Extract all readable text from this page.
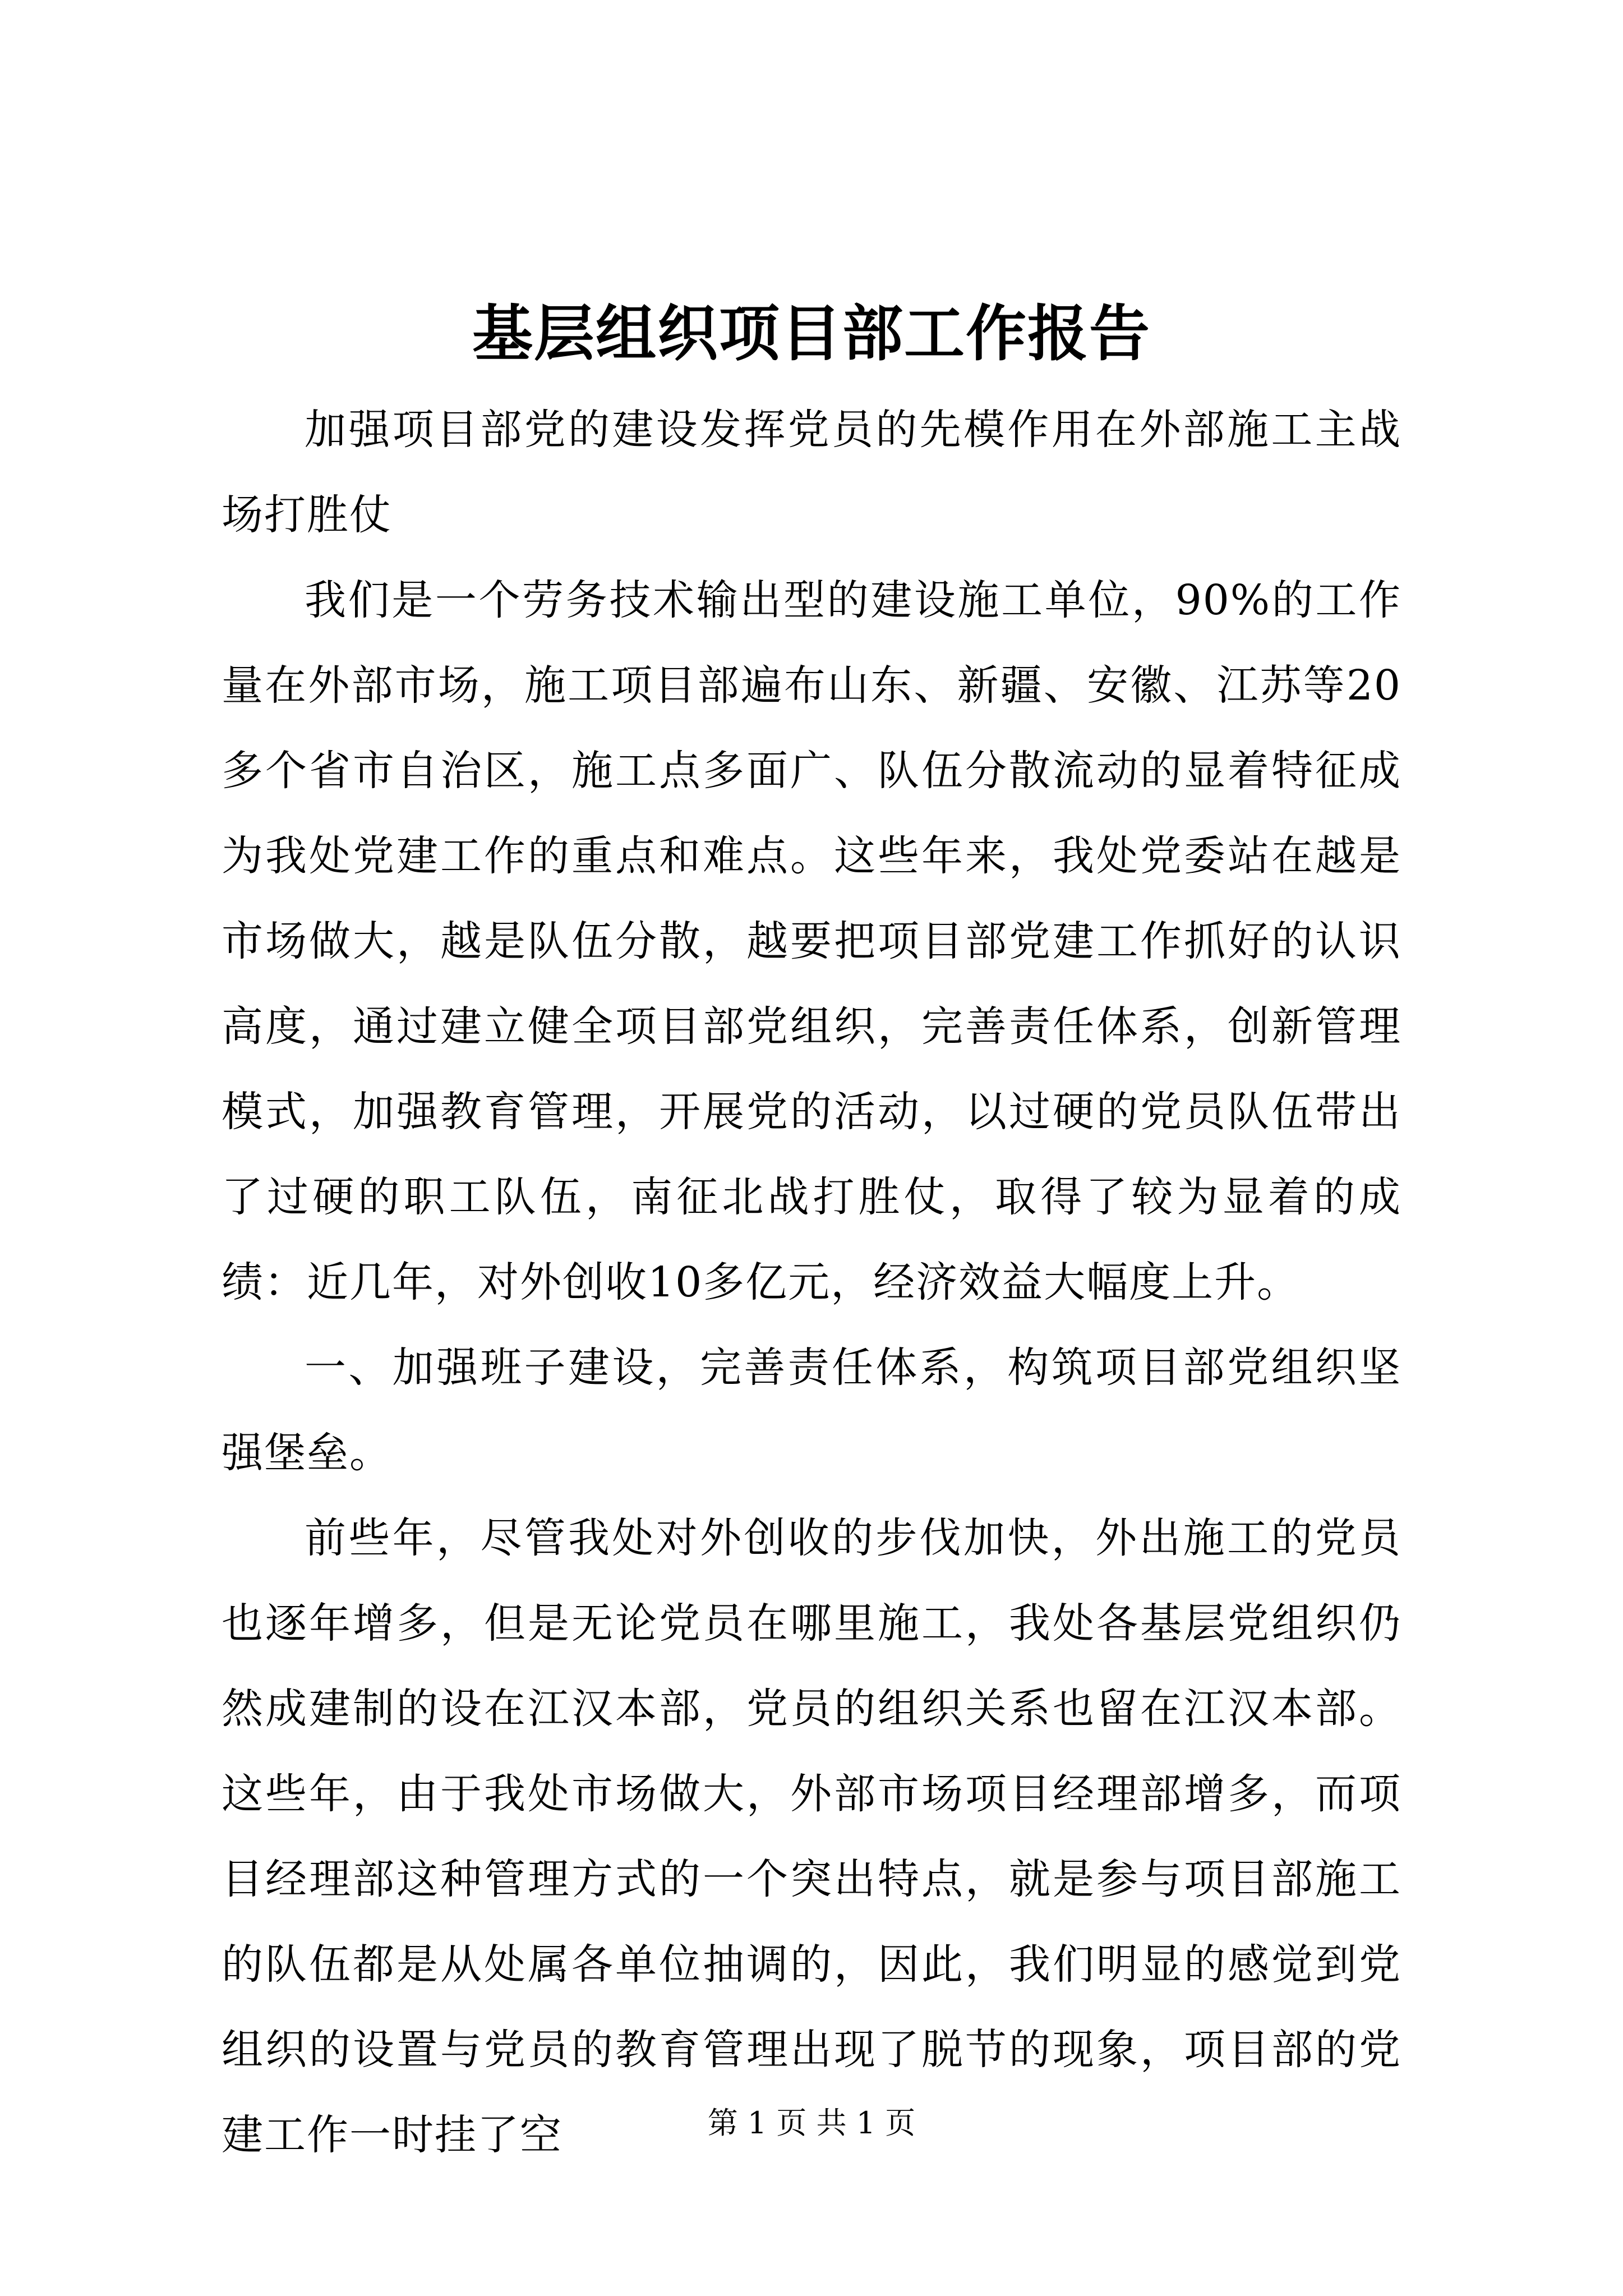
基层组织项目部工作报告

加强项目部党的建设发挥党员的先模作用在外部施工主战场打胜仗

我们是一个劳务技术输出型的建设施工单位，90%的工作量在外部市场，施工项目部遍布山东、新疆、安徽、江苏等20多个省市自治区，施工点多面广、队伍分散流动的显着特征成为我处党建工作的重点和难点。这些年来，我处党委站在越是市场做大，越是队伍分散，越要把项目部党建工作抓好的认识高度，通过建立健全项目部党组织，完善责任体系，创新管理模式，加强教育管理，开展党的活动，以过硬的党员队伍带出了过硬的职工队伍，南征北战打胜仗，取得了较为显着的成绩：近几年，对外创收10多亿元，经济效益大幅度上升。

一、加强班子建设，完善责任体系，构筑项目部党组织坚强堡垒。

前些年，尽管我处对外创收的步伐加快，外出施工的党员也逐年增多，但是无论党员在哪里施工，我处各基层党组织仍然成建制的设在江汉本部，党员的组织关系也留在江汉本部。这些年，由于我处市场做大，外部市场项目经理部增多，而项目经理部这种管理方式的一个突出特点，就是参与项目部施工的队伍都是从处属各单位抽调的，因此，我们明显的感觉到党组织的设置与党员的教育管理出现了脱节的现象，项目部的党建工作一时挂了空	第 1 页 共 1 页
